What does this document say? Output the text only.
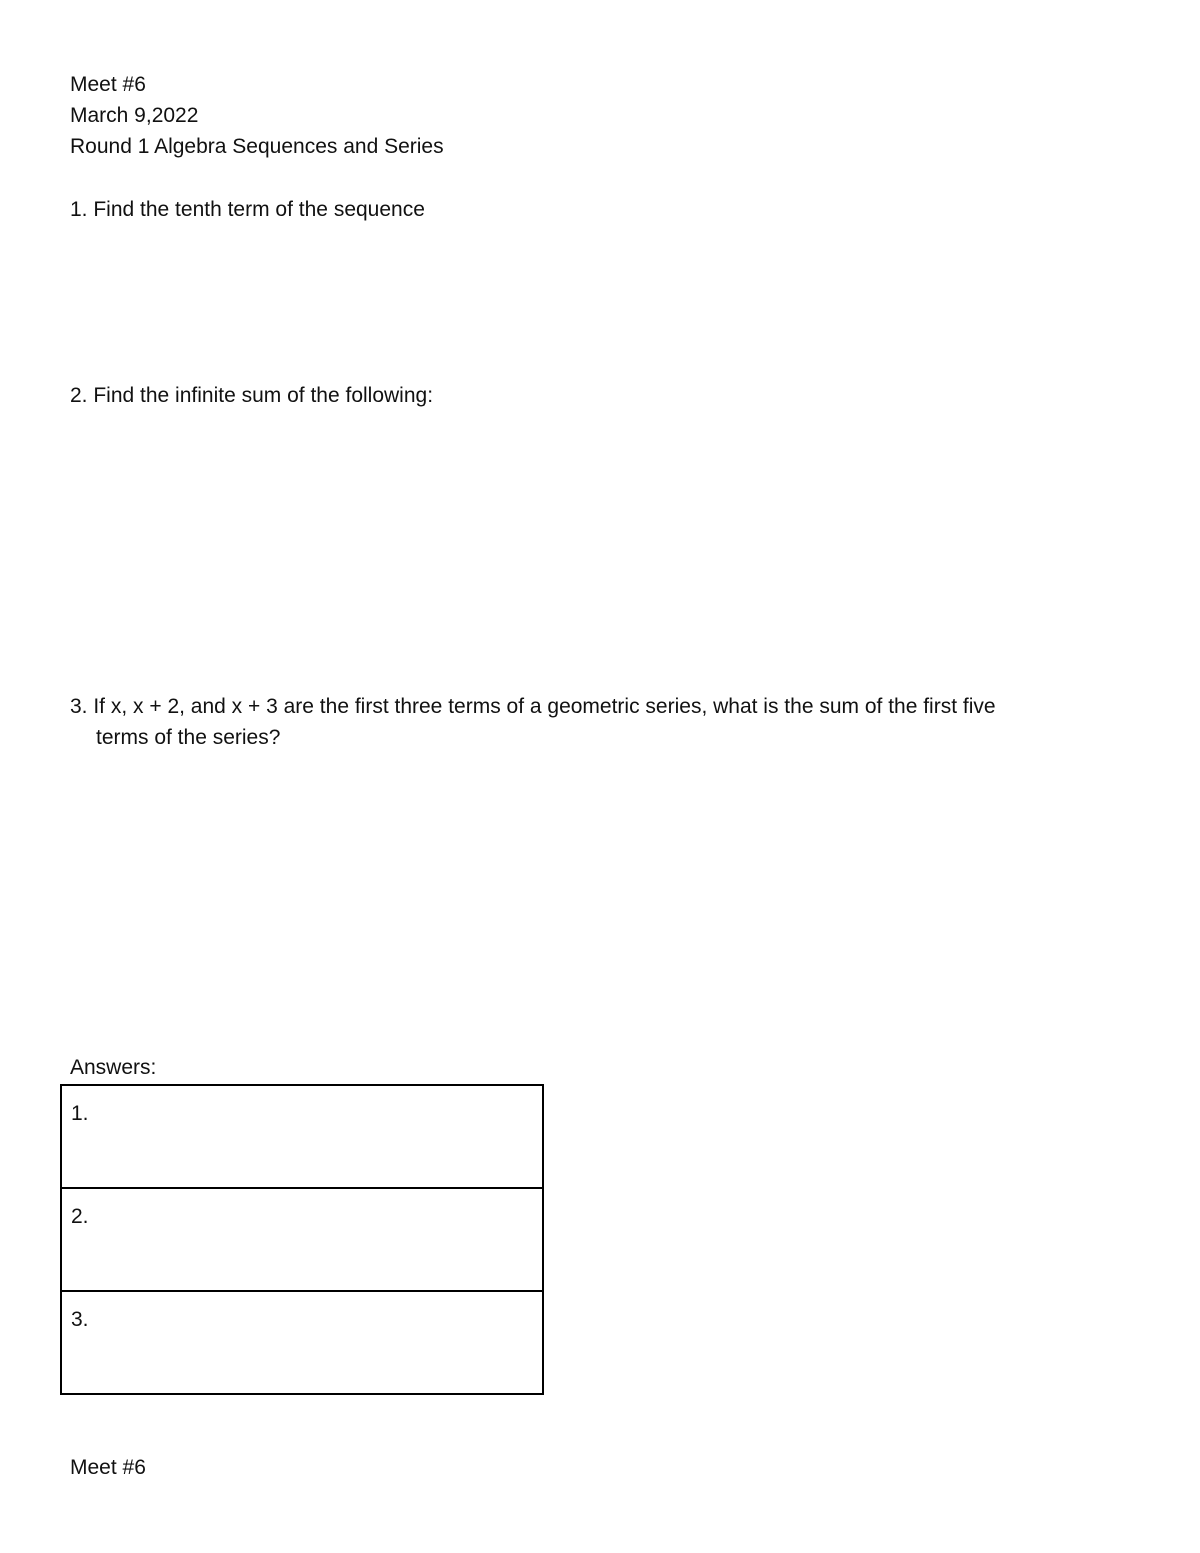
Meet #6
March 9,2022
Round 1 Algebra Sequences and Series
1. Find the tenth term of the sequence
2. Find the infinite sum of the following:
3. If x, x + 2, and x + 3 are the first three terms of a geometric series, what is the sum of the first five
terms of the series?
Answers:
1.
2.
3.
Meet #6
